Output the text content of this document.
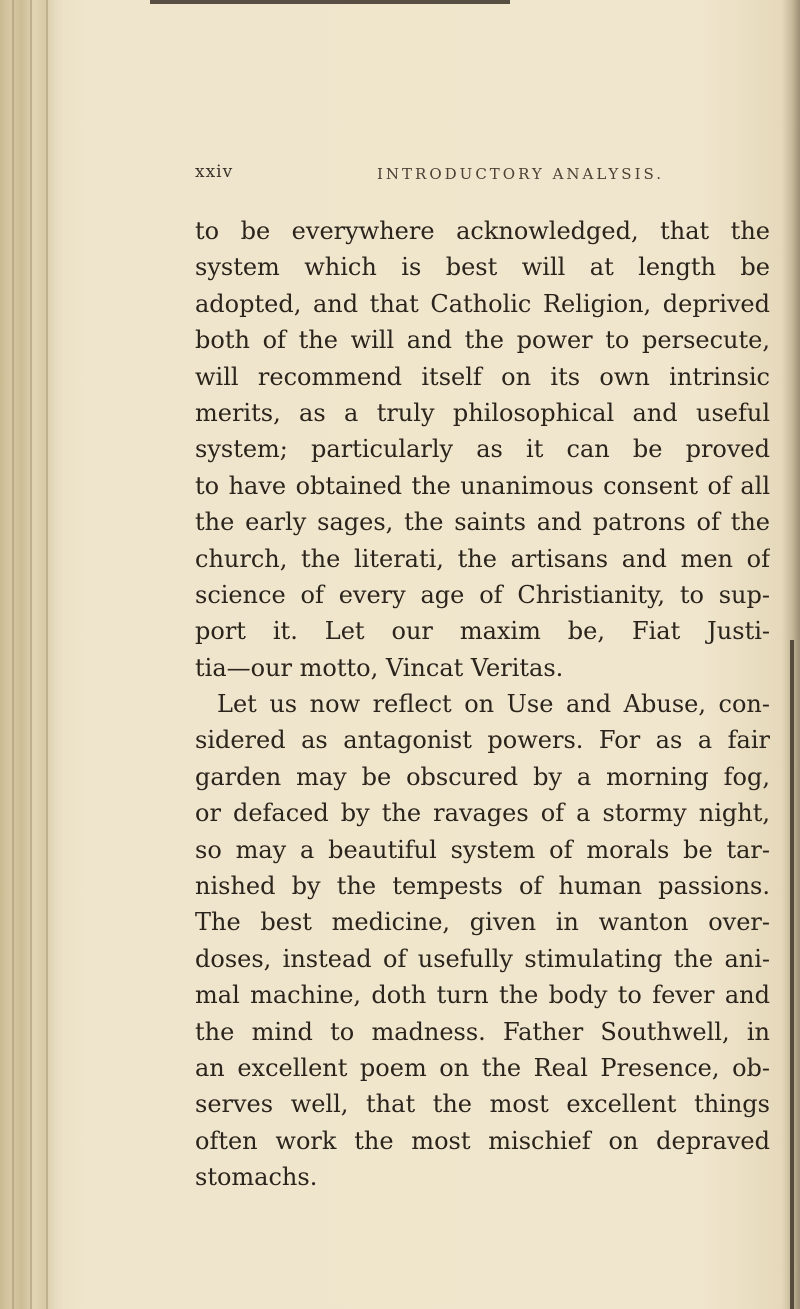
xxiv	INTRODUCTORY ANALYSIS.
to be everywhere acknowledged, that the
system which is best will at length be
adopted, and that Catholic Religion, deprived
both of the will and the power to persecute,
will recommend itself on its own intrinsic
merits, as a truly philosophical and useful
system; particularly as it can be proved
to have obtained the unanimous consent of all
the early sages, the saints and patrons of the
church, the literati, the artisans and men of
science of every age of Christianity, to sup-
port it. Let our maxim be, Fiat Justi-
tia—our motto, Vincat Veritas.
Let us now reflect on Use and Abuse, con-
sidered as antagonist powers. For as a fair
garden may be obscured by a morning fog,
or defaced by the ravages of a stormy night,
so may a beautiful system of morals be tar-
nished by the tempests of human passions.
The best medicine, given in wanton over-
doses, instead of usefully stimulating the ani-
mal machine, doth turn the body to fever and
the mind to madness. Father Southwell, in
an excellent poem on the Real Presence, ob-
serves well, that the most excellent things
often work the most mischief on depraved
stomachs.
